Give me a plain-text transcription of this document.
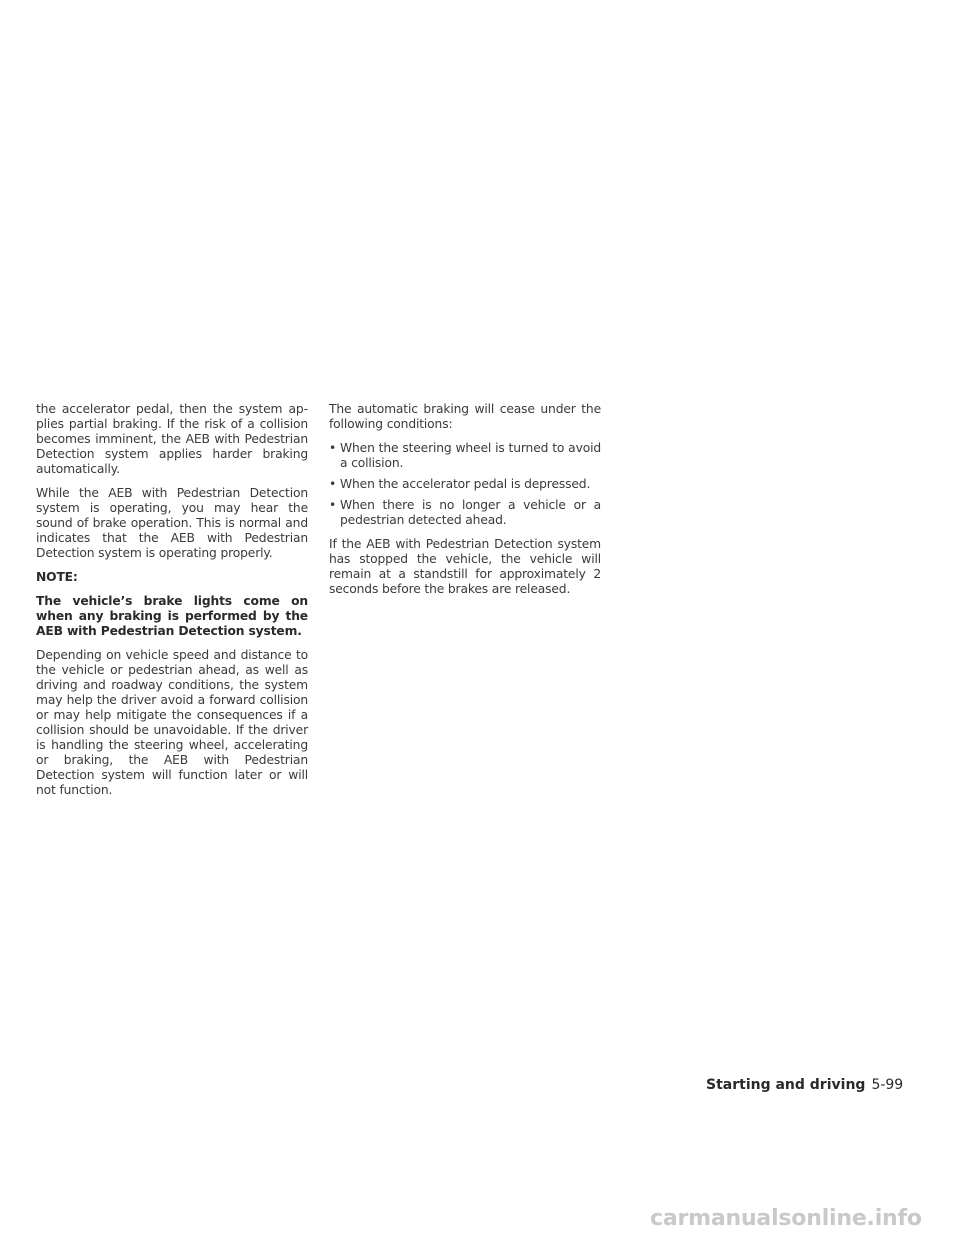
the accelerator pedal, then the system applies partial braking. If the risk of a collision becomes imminent, the AEB with Pedestrian Detection system applies harder braking automatically.

While the AEB with Pedestrian Detection system is operating, you may hear the sound of brake operation. This is normal and indicates that the AEB with Pedestrian Detection system is operating properly.

NOTE:

The vehicle’s brake lights come on when any braking is performed by the AEB with Pedestrian Detection system.

Depending on vehicle speed and distance to the vehicle or pedestrian ahead, as well as driving and roadway conditions, the system may help the driver avoid a forward collision or may help mitigate the consequences if a collision should be unavoidable. If the driver is handling the steering wheel, accelerating or braking, the AEB with Pedestrian Detection system will function later or will not function.

The automatic braking will cease under the following conditions:

• When the steering wheel is turned to avoid a collision.
• When the accelerator pedal is depressed.
• When there is no longer a vehicle or a pedestrian detected ahead.

If the AEB with Pedestrian Detection system has stopped the vehicle, the vehicle will remain at a standstill for approximately 2 seconds before the brakes are released.

Starting and driving 5-99
carmanualsonline.info
